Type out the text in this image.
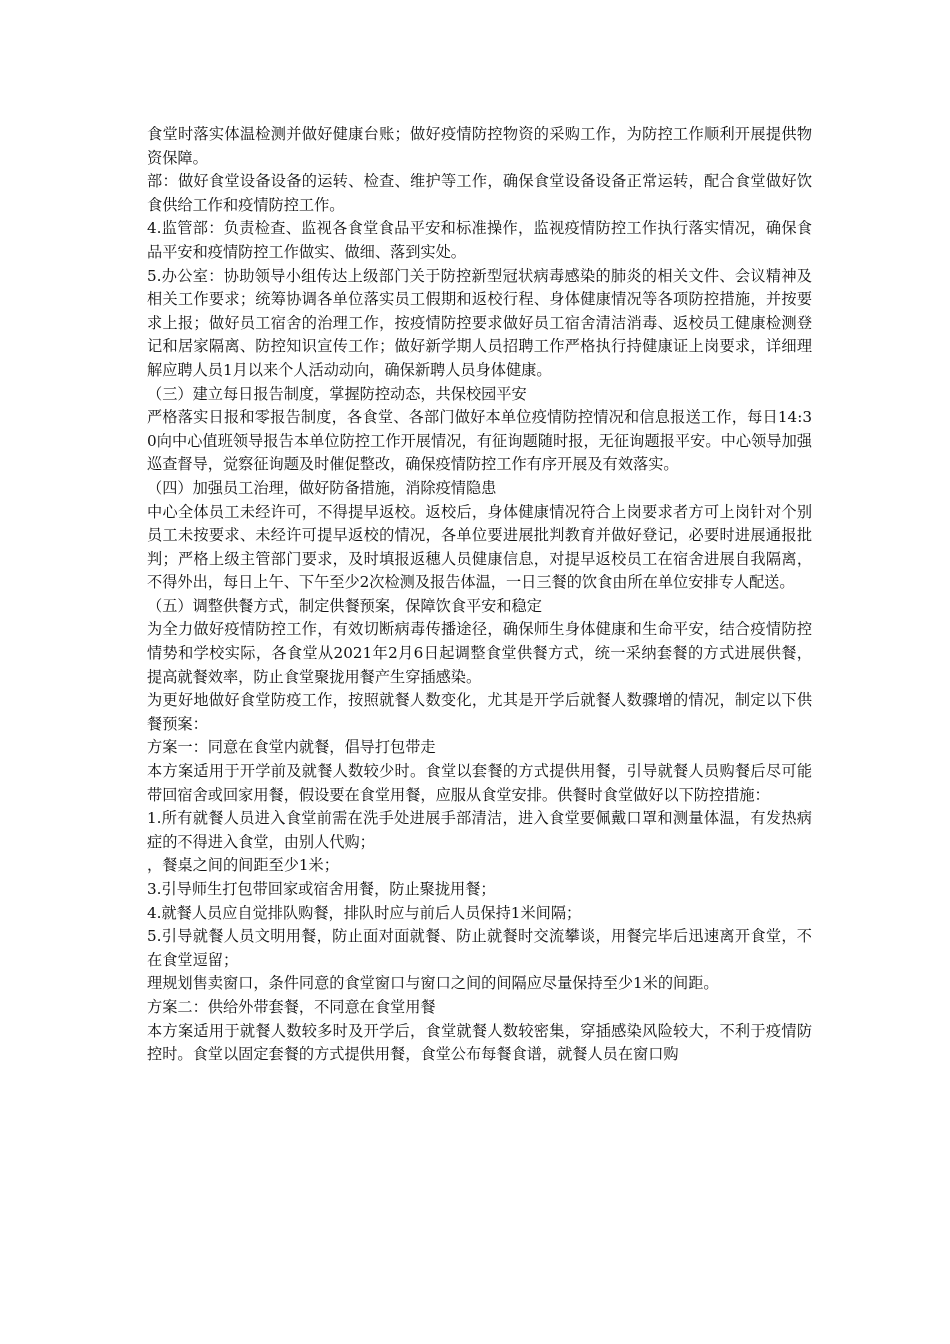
食堂时落实体温检测并做好健康台账；做好疫情防控物资的采购工作，为防控工作顺利开展提供物资保障。

部：做好食堂设备设备的运转、检查、维护等工作，确保食堂设备设备正常运转，配合食堂做好饮食供给工作和疫情防控工作。

4.监管部：负责检查、监视各食堂食品平安和标准操作，监视疫情防控工作执行落实情况，确保食品平安和疫情防控工作做实、做细、落到实处。

5.办公室：协助领导小组传达上级部门关于防控新型冠状病毒感染的肺炎的相关文件、会议精神及相关工作要求；统筹协调各单位落实员工假期和返校行程、身体健康情况等各项防控措施，并按要求上报；做好员工宿舍的治理工作，按疫情防控要求做好员工宿舍清洁消毒、返校员工健康检测登记和居家隔离、防控知识宣传工作；做好新学期人员招聘工作严格执行持健康证上岗要求，详细理解应聘人员1月以来个人活动动向，确保新聘人员身体健康。

（三）建立每日报告制度，掌握防控动态，共保校园平安

严格落实日报和零报告制度，各食堂、各部门做好本单位疫情防控情况和信息报送工作，每日14:30向中心值班领导报告本单位防控工作开展情况，有征询题随时报，无征询题报平安。中心领导加强巡查督导，觉察征询题及时催促整改，确保疫情防控工作有序开展及有效落实。

（四）加强员工治理，做好防备措施，消除疫情隐患

中心全体员工未经许可，不得提早返校。返校后，身体健康情况符合上岗要求者方可上岗针对个别员工未按要求、未经许可提早返校的情况，各单位要进展批判教育并做好登记，必要时进展通报批判；严格上级主管部门要求，及时填报返穗人员健康信息，对提早返校员工在宿舍进展自我隔离，不得外出，每日上午、下午至少2次检测及报告体温，一日三餐的饮食由所在单位安排专人配送。

（五）调整供餐方式，制定供餐预案，保障饮食平安和稳定

为全力做好疫情防控工作，有效切断病毒传播途径，确保师生身体健康和生命平安，结合疫情防控情势和学校实际，各食堂从2021年2月6日起调整食堂供餐方式，统一采纳套餐的方式进展供餐，提高就餐效率，防止食堂聚拢用餐产生穿插感染。

为更好地做好食堂防疫工作，按照就餐人数变化，尤其是开学后就餐人数骤增的情况，制定以下供餐预案：

方案一：同意在食堂内就餐，倡导打包带走

本方案适用于开学前及就餐人数较少时。食堂以套餐的方式提供用餐，引导就餐人员购餐后尽可能带回宿舍或回家用餐，假设要在食堂用餐，应服从食堂安排。供餐时食堂做好以下防控措施：

1.所有就餐人员进入食堂前需在洗手处进展手部清洁，进入食堂要佩戴口罩和测量体温，有发热病症的不得进入食堂，由别人代购；

，餐桌之间的间距至少1米；

3.引导师生打包带回家或宿舍用餐，防止聚拢用餐；

4.就餐人员应自觉排队购餐，排队时应与前后人员保持1米间隔；

5.引导就餐人员文明用餐，防止面对面就餐、防止就餐时交流攀谈，用餐完毕后迅速离开食堂，不在食堂逗留；

理规划售卖窗口，条件同意的食堂窗口与窗口之间的间隔应尽量保持至少1米的间距。

方案二：供给外带套餐，不同意在食堂用餐

本方案适用于就餐人数较多时及开学后，食堂就餐人数较密集，穿插感染风险较大，不利于疫情防控时。食堂以固定套餐的方式提供用餐，食堂公布每餐食谱，就餐人员在窗口购
